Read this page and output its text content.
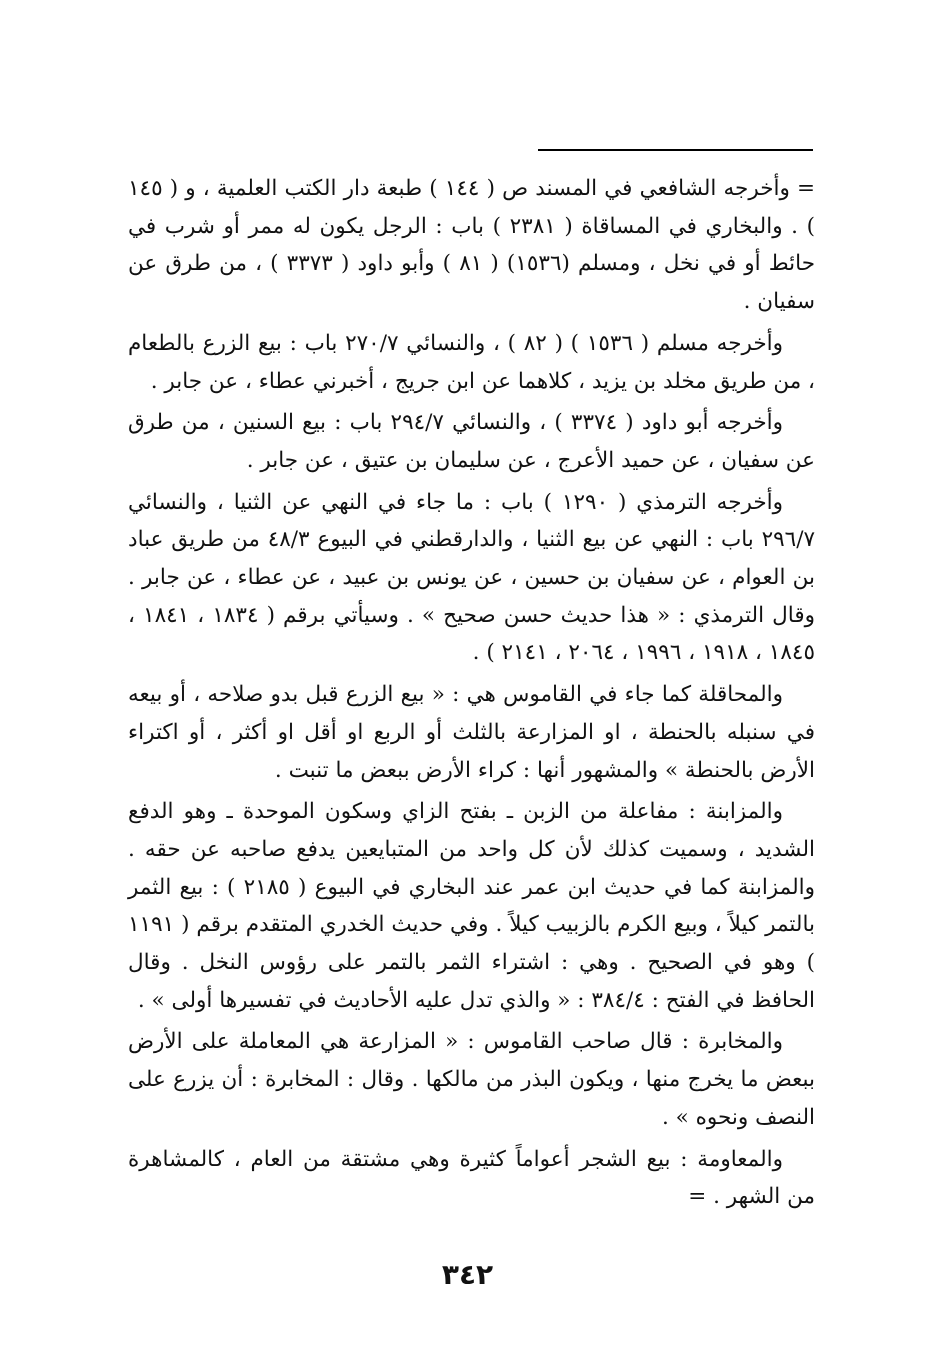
= وأخرجه الشافعي في المسند ص ( ١٤٤ ) طبعة دار الكتب العلمية ، و ( ١٤٥ ) . والبخاري في المساقاة ( ٢٣٨١ ) باب : الرجل يكون له ممر أو شرب في حائط أو في نخل ، ومسلم (١٥٣٦) ( ٨١ ) وأبو داود ( ٣٣٧٣ ) ، من طرق عن سفيان .

وأخرجه مسلم ( ١٥٣٦ ) ( ٨٢ ) ، والنسائي ٢٧٠/٧ باب : بيع الزرع بالطعام ، من طريق مخلد بن يزيد ، كلاهما عن ابن جريج ، أخبرني عطاء ، عن جابر .

وأخرجه أبو داود ( ٣٣٧٤ ) ، والنسائي ٢٩٤/٧ باب : بيع السنين ، من طرق عن سفيان ، عن حميد الأعرج ، عن سليمان بن عتيق ، عن جابر .

وأخرجه الترمذي ( ١٢٩٠ ) باب : ما جاء في النهي عن الثنيا ، والنسائي ٢٩٦/٧ باب : النهي عن بيع الثنيا ، والدارقطني في البيوع ٤٨/٣ من طريق عباد بن العوام ، عن سفيان بن حسين ، عن يونس بن عبيد ، عن عطاء ، عن جابر . وقال الترمذي : « هذا حديث حسن صحيح » . وسيأتي برقم ( ١٨٣٤ ، ١٨٤١ ، ١٨٤٥ ، ١٩١٨ ، ١٩٩٦ ، ٢٠٦٤ ، ٢١٤١ ) .

والمحاقلة كما جاء في القاموس هي : « بيع الزرع قبل بدو صلاحه ، أو بيعه في سنبله بالحنطة ، او المزارعة بالثلث أو الربع او أقل او أكثر ، أو اكتراء الأرض بالحنطة » والمشهور أنها : كراء الأرض ببعض ما تنبت .

والمزابنة : مفاعلة من الزبن ـ بفتح الزاي وسكون الموحدة ـ وهو الدفع الشديد ، وسميت كذلك لأن كل واحد من المتبايعين يدفع صاحبه عن حقه . والمزابنة كما في حديث ابن عمر عند البخاري في البيوع ( ٢١٨٥ ) : بيع الثمر بالتمر كيلاً ، وبيع الكرم بالزبيب كيلاً . وفي حديث الخدري المتقدم برقم ( ١١٩١ ) وهو في الصحيح . وهي : اشتراء الثمر بالتمر على رؤوس النخل . وقال الحافظ في الفتح : ٣٨٤/٤ : « والذي تدل عليه الأحاديث في تفسيرها أولى » .

والمخابرة : قال صاحب القاموس : « المزارعة هي المعاملة على الأرض ببعض ما يخرج منها ، ويكون البذر من مالكها . وقال : المخابرة : أن يزرع على النصف ونحوه » .

والمعاومة : بيع الشجر أعواماً كثيرة وهي مشتقة من العام ، كالمشاهرة من الشهر . =

٣٤٢
